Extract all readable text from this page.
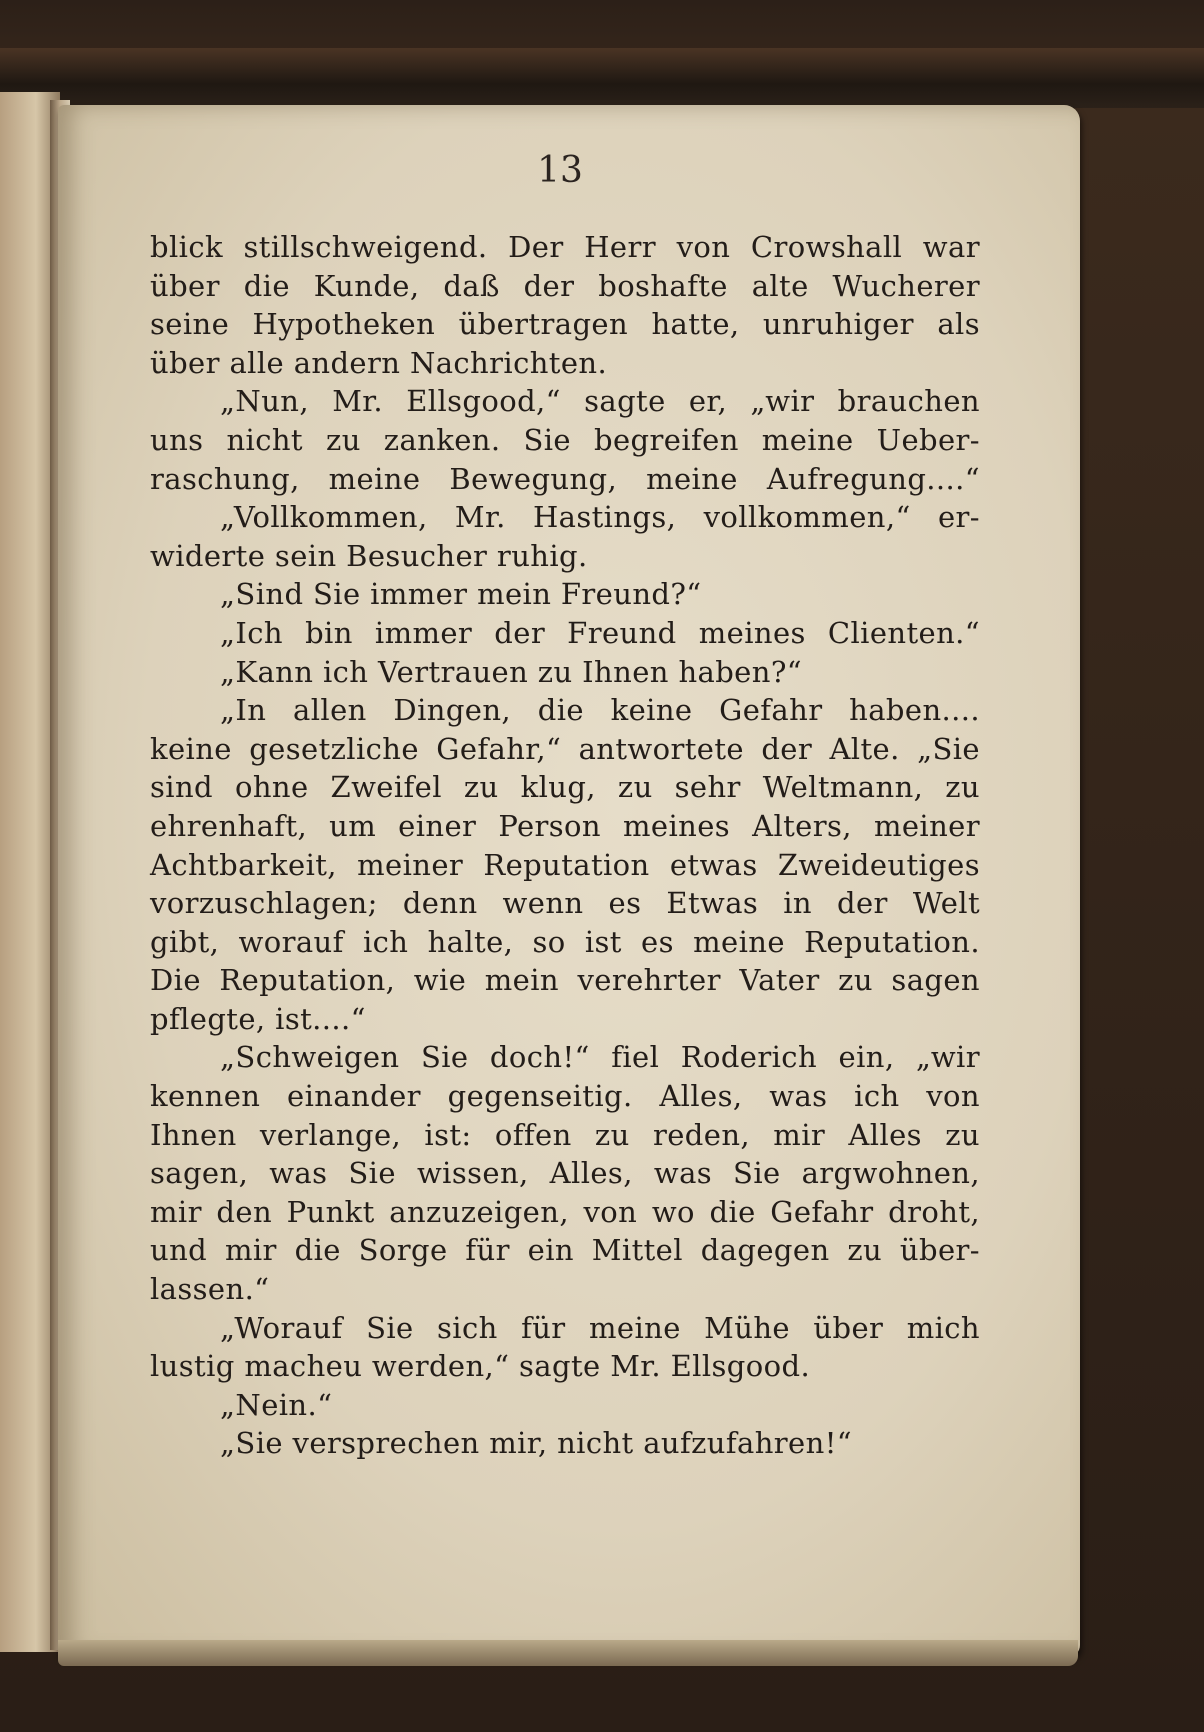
13
blick stillschweigend. Der Herr von Crowshall war
über die Kunde, daß der boshafte alte Wucherer
seine Hypotheken übertragen hatte, unruhiger als
über alle andern Nachrichten.
„Nun, Mr. Ellsgood,“ sagte er, „wir brauchen
uns nicht zu zanken. Sie begreifen meine Ueber-
raschung, meine Bewegung, meine Aufregung....“
„Vollkommen, Mr. Hastings, vollkommen,“ er-
widerte sein Besucher ruhig.
„Sind Sie immer mein Freund?“
„Ich bin immer der Freund meines Clienten.“
„Kann ich Vertrauen zu Ihnen haben?“
„In allen Dingen, die keine Gefahr haben....
keine gesetzliche Gefahr,“ antwortete der Alte. „Sie
sind ohne Zweifel zu klug, zu sehr Weltmann, zu
ehrenhaft, um einer Person meines Alters, meiner
Achtbarkeit, meiner Reputation etwas Zweideutiges
vorzuschlagen; denn wenn es Etwas in der Welt
gibt, worauf ich halte, so ist es meine Reputation.
Die Reputation, wie mein verehrter Vater zu sagen
pflegte, ist....“
„Schweigen Sie doch!“ fiel Roderich ein, „wir
kennen einander gegenseitig. Alles, was ich von
Ihnen verlange, ist: offen zu reden, mir Alles zu
sagen, was Sie wissen, Alles, was Sie argwohnen,
mir den Punkt anzuzeigen, von wo die Gefahr droht,
und mir die Sorge für ein Mittel dagegen zu über-
lassen.“
„Worauf Sie sich für meine Mühe über mich
lustig macheu werden,“ sagte Mr. Ellsgood.
„Nein.“
„Sie versprechen mir, nicht aufzufahren!“
